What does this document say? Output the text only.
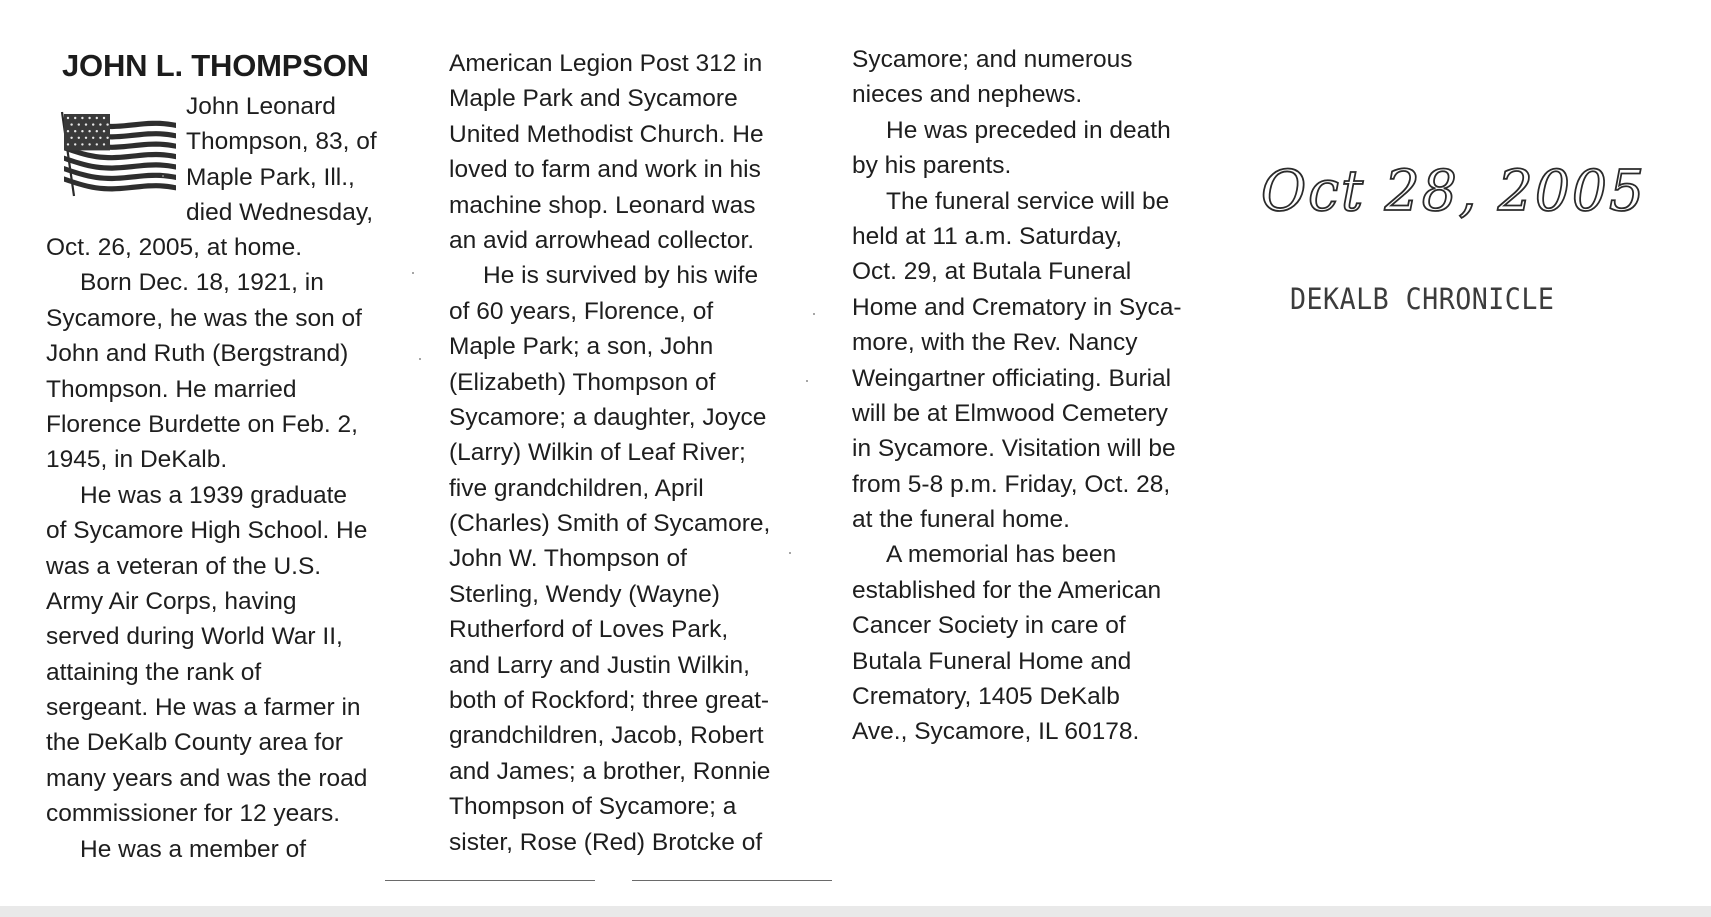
JOHN L. THOMPSON
John Leonard
Thompson, 83, of
Maple Park, Ill.,
died Wednesday,
Oct. 26, 2005, at home.
Born Dec. 18, 1921, in
Sycamore, he was the son of
John and Ruth (Bergstrand)
Thompson. He married
Florence Burdette on Feb. 2,
1945, in DeKalb.
He was a 1939 graduate
of Sycamore High School. He
was a veteran of the U.S.
Army Air Corps, having
served during World War II,
attaining the rank of
sergeant. He was a farmer in
the DeKalb County area for
many years and was the road
commissioner for 12 years.
He was a member of
American Legion Post 312 in
Maple Park and Sycamore
United Methodist Church. He
loved to farm and work in his
machine shop. Leonard was
an avid arrowhead collector.
He is survived by his wife
of 60 years, Florence, of
Maple Park; a son, John
(Elizabeth) Thompson of
Sycamore; a daughter, Joyce
(Larry) Wilkin of Leaf River;
five grandchildren, April
(Charles) Smith of Sycamore,
John W. Thompson of
Sterling, Wendy (Wayne)
Rutherford of Loves Park,
and Larry and Justin Wilkin,
both of Rockford; three great-
grandchildren, Jacob, Robert
and James; a brother, Ronnie
Thompson of Sycamore; a
sister, Rose (Red) Brotcke of
Sycamore; and numerous
nieces and nephews.
He was preceded in death
by his parents.
The funeral service will be
held at 11 a.m. Saturday,
Oct. 29, at Butala Funeral
Home and Crematory in Syca-
more, with the Rev. Nancy
Weingartner officiating. Burial
will be at Elmwood Cemetery
in Sycamore. Visitation will be
from 5-8 p.m. Friday, Oct. 28,
at the funeral home.
A memorial has been
established for the American
Cancer Society in care of
Butala Funeral Home and
Crematory, 1405 DeKalb
Ave., Sycamore, IL 60178.
Oct 28, 2005
DEKALB CHRONICLE
